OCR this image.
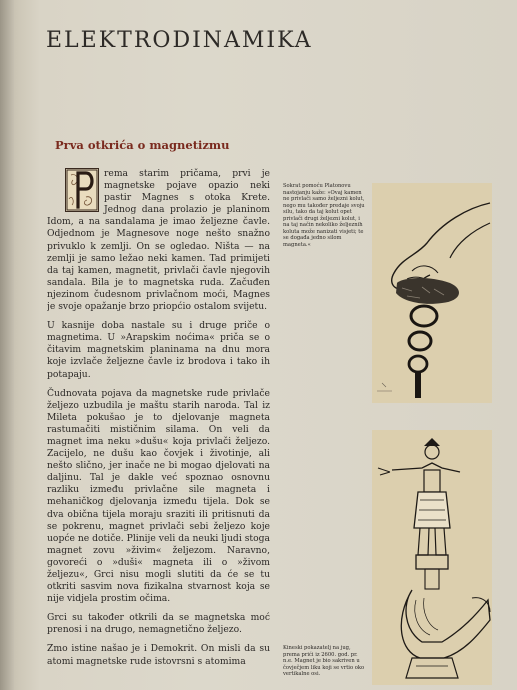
ELEKTRODINAMIKA
Prva otkrića o magnetizmu

rema starim pričama, prvi je magnetske pojave opazio neki pastir Magnes s otoka Krete. Jednog dana prolazio je planinom Idom, a na sandalama je imao željezne čavle. Odjednom je Magnesove noge nešto snažno privuklo k zemlji. On se ogledao. Ništa — na zemlji je samo ležao neki kamen. Tad primijeti da taj kamen, magnetit, privlači čavle njegovih sandala. Bila je to magnetska ruda. Začuđen njezinom čudesnom privlačnom moći, Magnes je svoje opažanje brzo priopćio ostalom svijetu.

U kasnije doba nastale su i druge priče o magnetima. U »Arapskim noćima« priča se o čitavim magnetskim planinama na dnu mora koje izvlače željezne čavle iz brodova i tako ih potapaju.

Čudnovata pojava da magnetske rude privlače željezo uzbudila je maštu starih naroda. Tal iz Mileta pokušao je to djelovanje magneta rastumačiti mističnim silama. On veli da magnet ima neku »dušu« koja privlači željezo. Zacijelo, ne dušu kao čovjek i životinje, ali nešto slično, jer inače ne bi mogao djelovati na daljinu. Tal je dakle već spoznao osnovnu razliku između privlačne sile magneta i mehaničkog djelovanja između tijela. Dok se dva obična tijela moraju sraziti ili pritisnuti da se pokrenu, magnet privlači sebi željezo koje uopće ne dotiče. Plinije veli da neuki ljudi stoga magnet zovu »živim« željezom. Naravno, govoreći o »duši« magneta ili o »živom željezu«, Grci nisu mogli slutiti da će se tu otkriti sasvim nova fizikalna stvarnost koja se nije vidjela prostim očima.

Grci su također otkrili da se magnetska moć prenosi i na drugo, nemagnetično željezo.

Zmo istine našao je i Demokrit. On misli da su atomi magnetske rude istovrsni s atomima

Sokrat pomoću Platonovu nastojanju kaže: »Ovaj kamen ne privlači samo željezni kolut, nego mu također predaje svoju silu, tako da taj kolut opet privlači drugi željezni kolut, i na taj način nekoliko željeznih koluta može nanizati visjeti; te se događa jedno silom magneta.«
Kineski pokazatelj na jug, prema prići iz 2600. god. pr. n.e. Magnet je bio sakriven u čovječjem liku koji se vrtio oko vertikalne osi.
